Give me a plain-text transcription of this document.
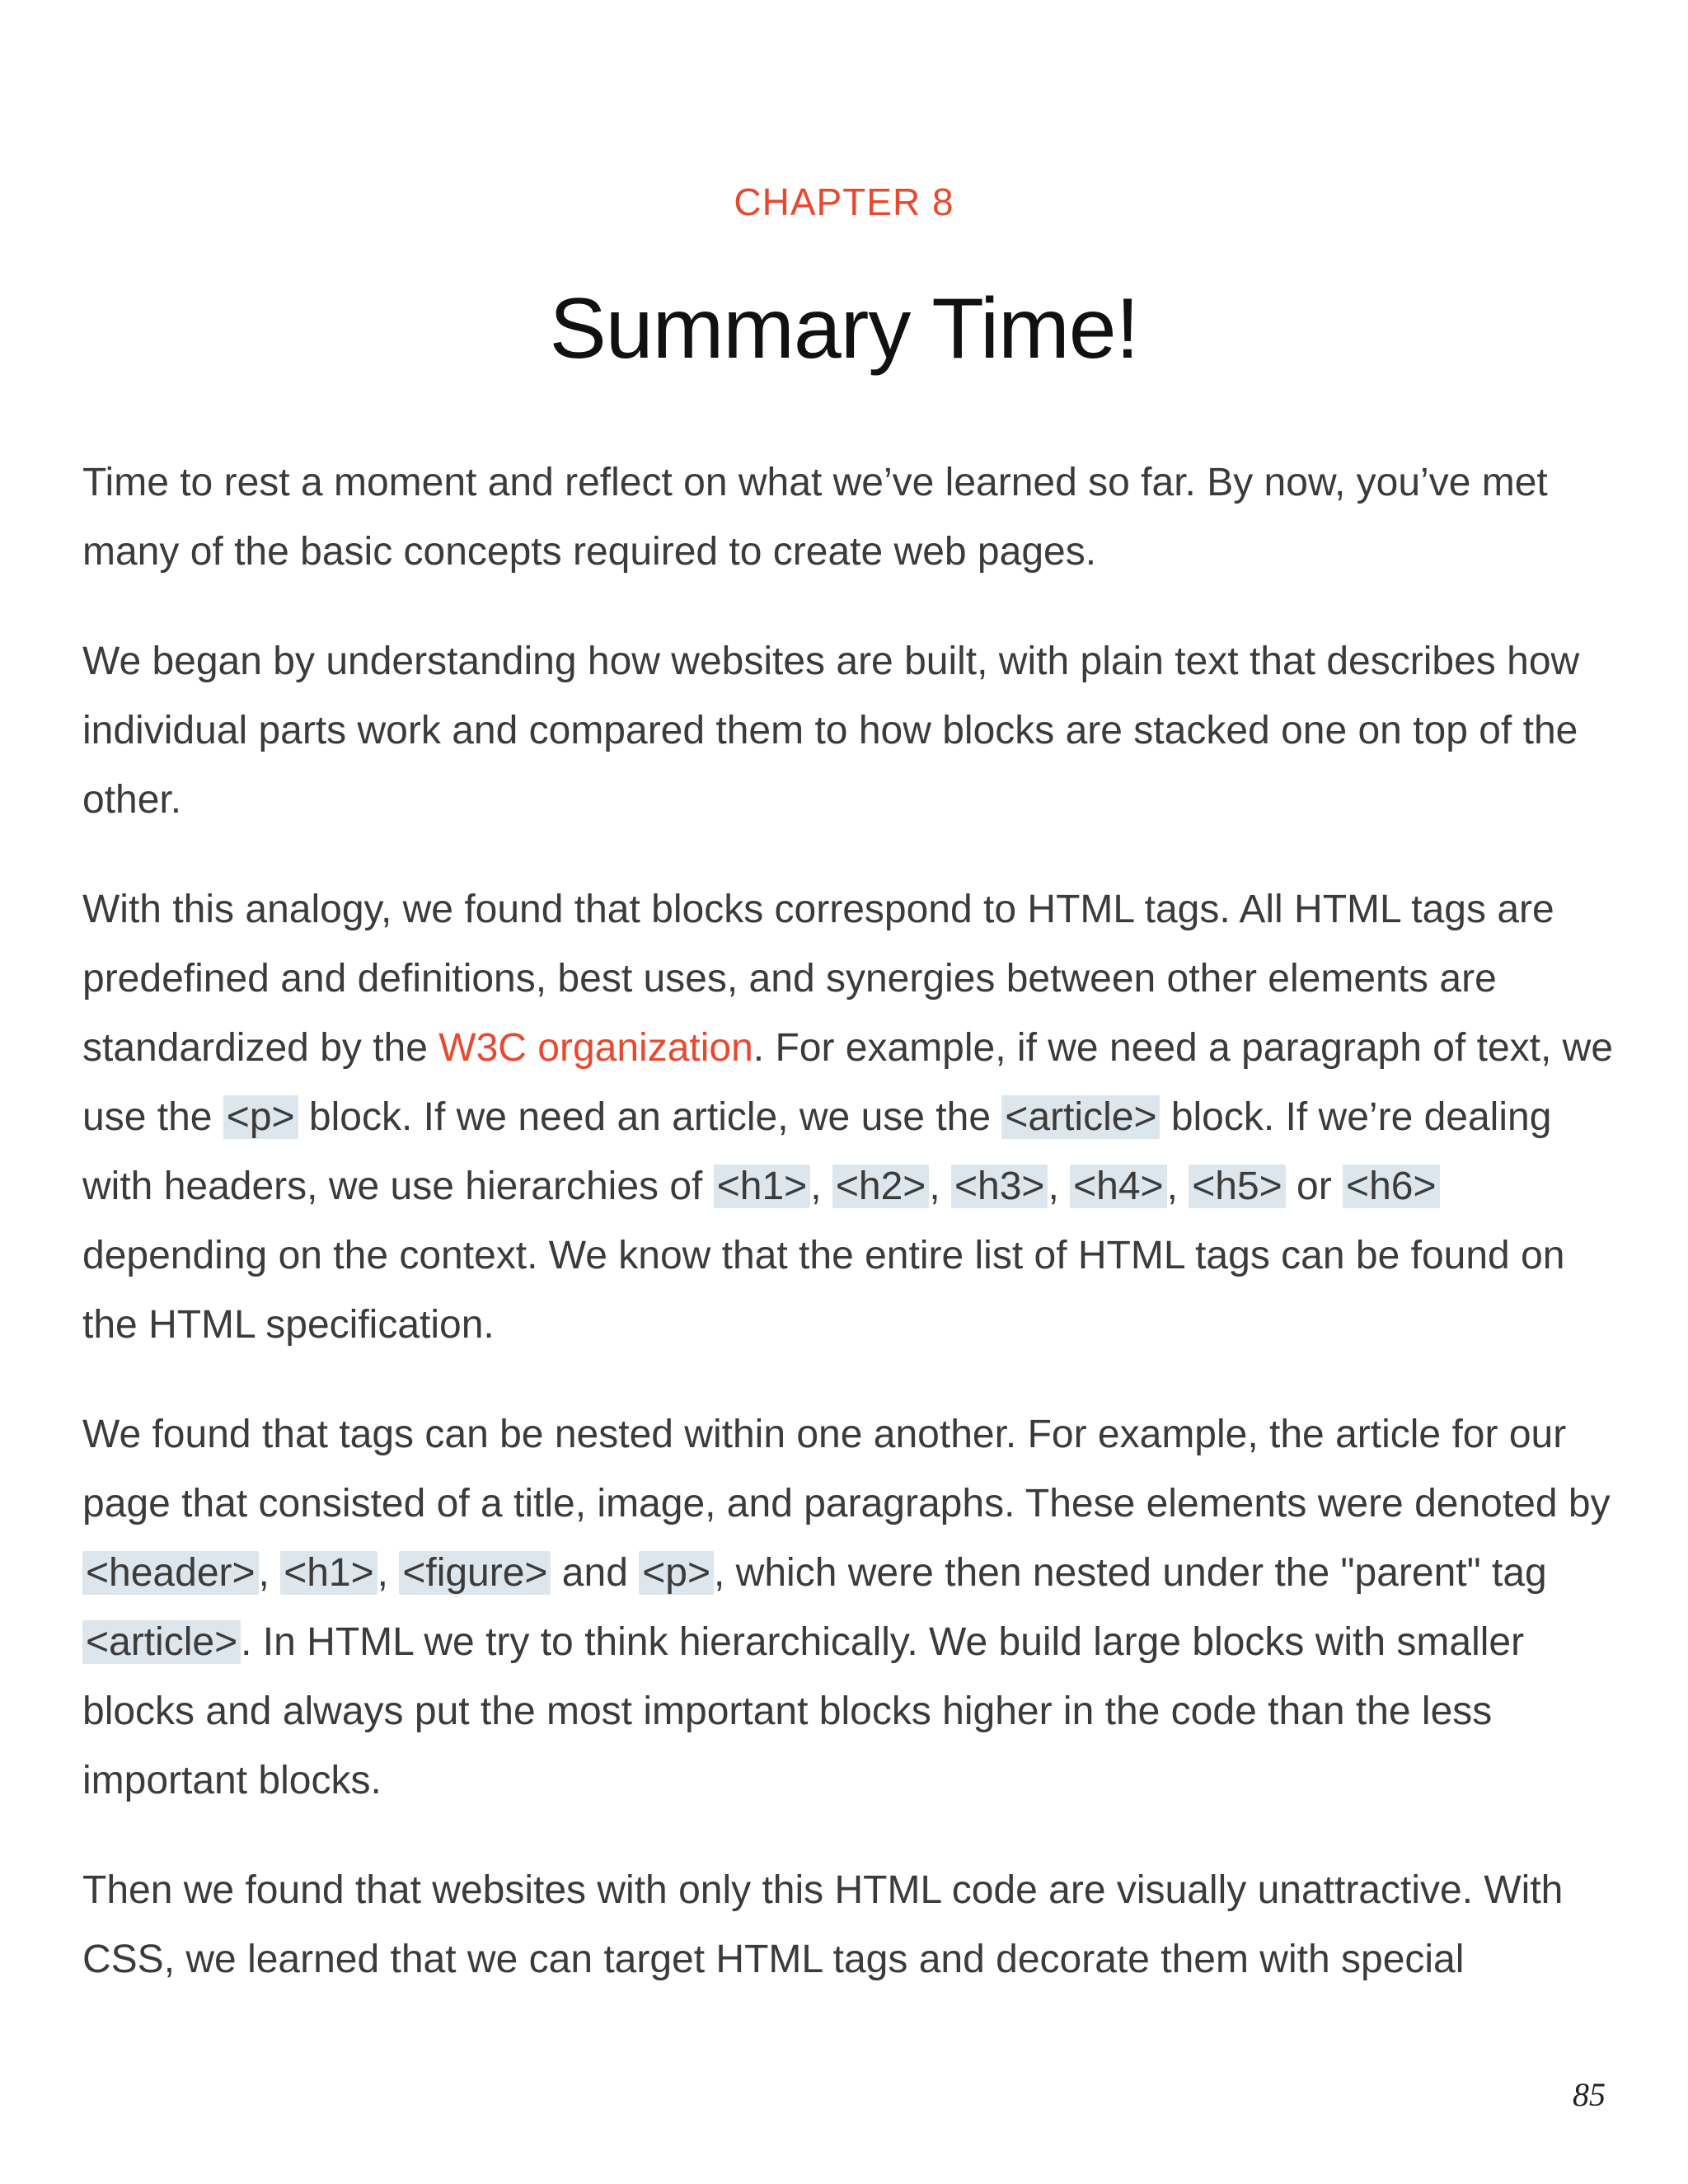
CHAPTER 8
Summary Time!

Time to rest a moment and reflect on what we’ve learned so far. By now, you’ve met many of the basic concepts required to create web pages.

We began by understanding how websites are built, with plain text that describes how individual parts work and compared them to how blocks are stacked one on top of the other.

With this analogy, we found that blocks correspond to HTML tags. All HTML tags are predefined and definitions, best uses, and synergies between other elements are standardized by the W3C organization. For example, if we need a paragraph of text, we use the <p> block. If we need an article, we use the <article> block. If we’re dealing with headers, we use hierarchies of <h1>, <h2>, <h3>, <h4>, <h5> or <h6> depending on the context. We know that the entire list of HTML tags can be found on the HTML specification.

We found that tags can be nested within one another. For example, the article for our page that consisted of a title, image, and paragraphs. These elements were denoted by <header>, <h1>, <figure> and <p>, which were then nested under the "parent" tag <article>. In HTML we try to think hierarchically. We build large blocks with smaller blocks and always put the most important blocks higher in the code than the less important blocks.

Then we found that websites with only this HTML code are visually unattractive. With CSS, we learned that we can target HTML tags and decorate them with special

85
